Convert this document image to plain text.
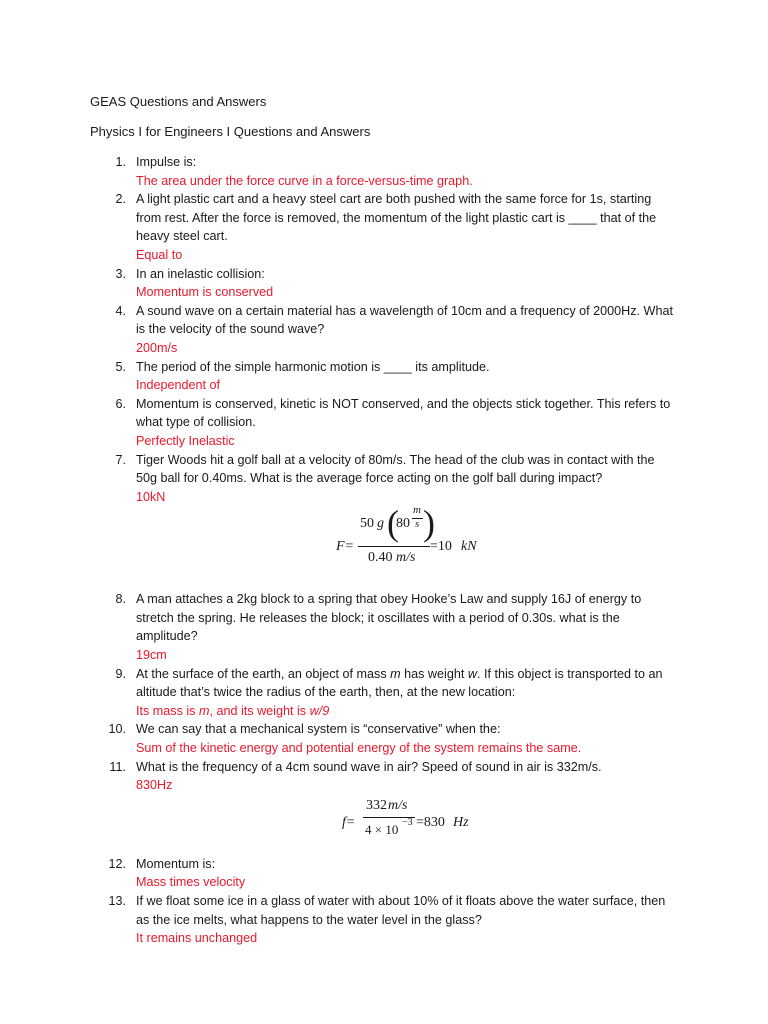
GEAS Questions and Answers
Physics I for Engineers I Questions and Answers
1. Impulse is:
The area under the force curve in a force-versus-time graph.
2. A light plastic cart and a heavy steel cart are both pushed with the same force for 1s, starting
from rest. After the force is removed, the momentum of the light plastic cart is ____ that of the
heavy steel cart.
Equal to
3. In an inelastic collision:
Momentum is conserved
4. A sound wave on a certain material has a wavelength of 10cm and a frequency of 2000Hz. What
is the velocity of the sound wave?
200m/s
5. The period of the simple harmonic motion is ____ its amplitude.
Independent of
6. Momentum is conserved, kinetic is NOT conserved, and the objects stick together. This refers to
what type of collision.
Perfectly Inelastic
7. Tiger Woods hit a golf ball at a velocity of 80m/s. The head of the club was in contact with the
50g ball for 0.40ms. What is the average force acting on the golf ball during impact?
10kN
F=
50 g (
80
m
s )
0.40 m/s
=10 kN
8. A man attaches a 2kg block to a spring that obey Hooke’s Law and supply 16J of energy to
stretch the spring. He releases the block; it oscillates with a period of 0.30s. what is the
amplitude?
19cm
9. At the surface of the earth, an object of mass m has weight w. If this object is transported to an
altitude that’s twice the radius of the earth, then, at the new location:
Its mass is m, and its weight is w/9
10. We can say that a mechanical system is “conservative” when the:
Sum of the kinetic energy and potential energy of the system remains the same.
11. What is the frequency of a 4cm sound wave in air? Speed of sound in air is 332m/s.
830Hz
f=
332 m/s
4 × 10 −3 =830 Hz
12. Momentum is:
Mass times velocity
13. If we float some ice in a glass of water with about 10% of it floats above the water surface, then
as the ice melts, what happens to the water level in the glass?
It remains unchanged
